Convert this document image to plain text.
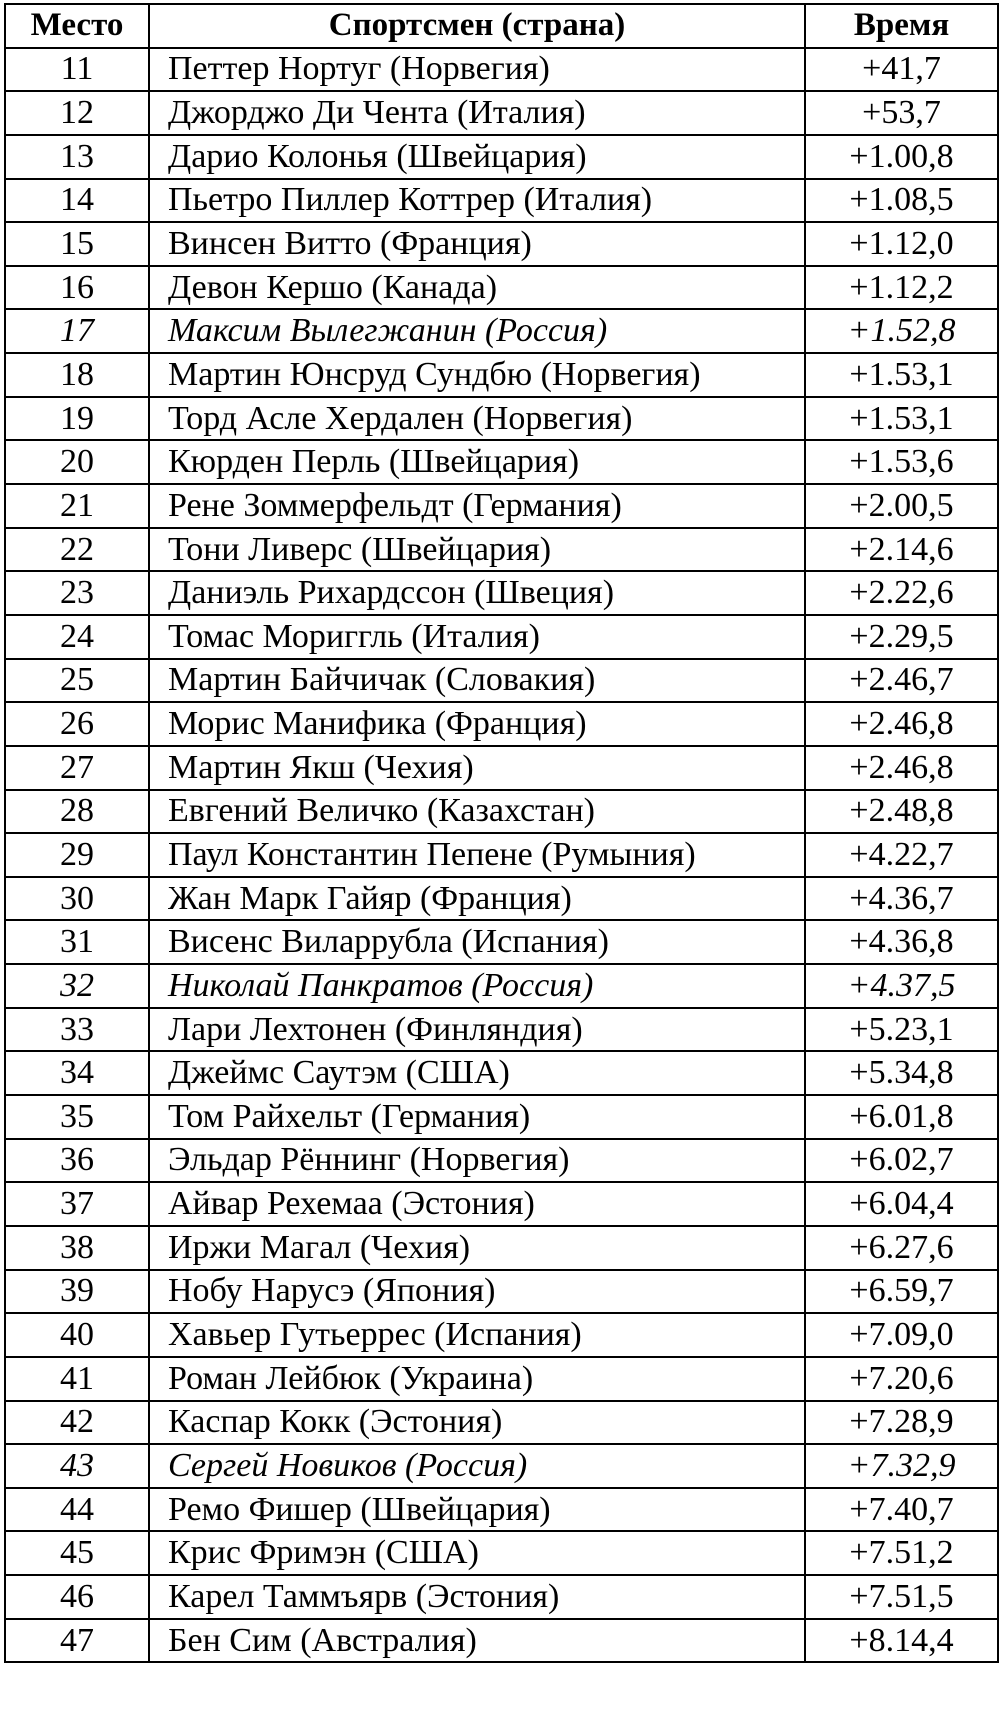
Место	Спортсмен (страна)	Время
11	Петтер Нортуг (Норвегия)	+41,7
12	Джорджо Ди Чента (Италия)	+53,7
13	Дарио Колонья (Швейцария)	+1.00,8
14	Пьетро Пиллер Коттрер (Италия)	+1.08,5
15	Винсен Витто (Франция)	+1.12,0
16	Девон Кершо (Канада)	+1.12,2
17	Максим Вылегжанин (Россия)	+1.52,8
18	Мартин Юнсруд Сундбю (Норвегия)	+1.53,1
19	Торд Асле Хердален (Норвегия)	+1.53,1
20	Кюрден Перль (Швейцария)	+1.53,6
21	Рене Зоммерфельдт (Германия)	+2.00,5
22	Тони Ливерс (Швейцария)	+2.14,6
23	Даниэль Рихардссон (Швеция)	+2.22,6
24	Томас Мориггль (Италия)	+2.29,5
25	Мартин Байчичак (Словакия)	+2.46,7
26	Морис Манифика (Франция)	+2.46,8
27	Мартин Якш (Чехия)	+2.46,8
28	Евгений Величко (Казахстан)	+2.48,8
29	Паул Константин Пепене (Румыния)	+4.22,7
30	Жан Марк Гайяр (Франция)	+4.36,7
31	Висенс Виларрубла (Испания)	+4.36,8
32	Николай Панкратов (Россия)	+4.37,5
33	Лари Лехтонен (Финляндия)	+5.23,1
34	Джеймс Саутэм (США)	+5.34,8
35	Том Райхельт (Германия)	+6.01,8
36	Эльдар Рённинг (Норвегия)	+6.02,7
37	Айвар Рехемаа (Эстония)	+6.04,4
38	Иржи Магал (Чехия)	+6.27,6
39	Нобу Нарусэ (Япония)	+6.59,7
40	Хавьер Гутьеррес (Испания)	+7.09,0
41	Роман Лейбюк (Украина)	+7.20,6
42	Каспар Кокк (Эстония)	+7.28,9
43	Сергей Новиков (Россия)	+7.32,9
44	Ремо Фишер (Швейцария)	+7.40,7
45	Крис Фримэн (США)	+7.51,2
46	Карел Таммъярв (Эстония)	+7.51,5
47	Бен Сим (Австралия)	+8.14,4
